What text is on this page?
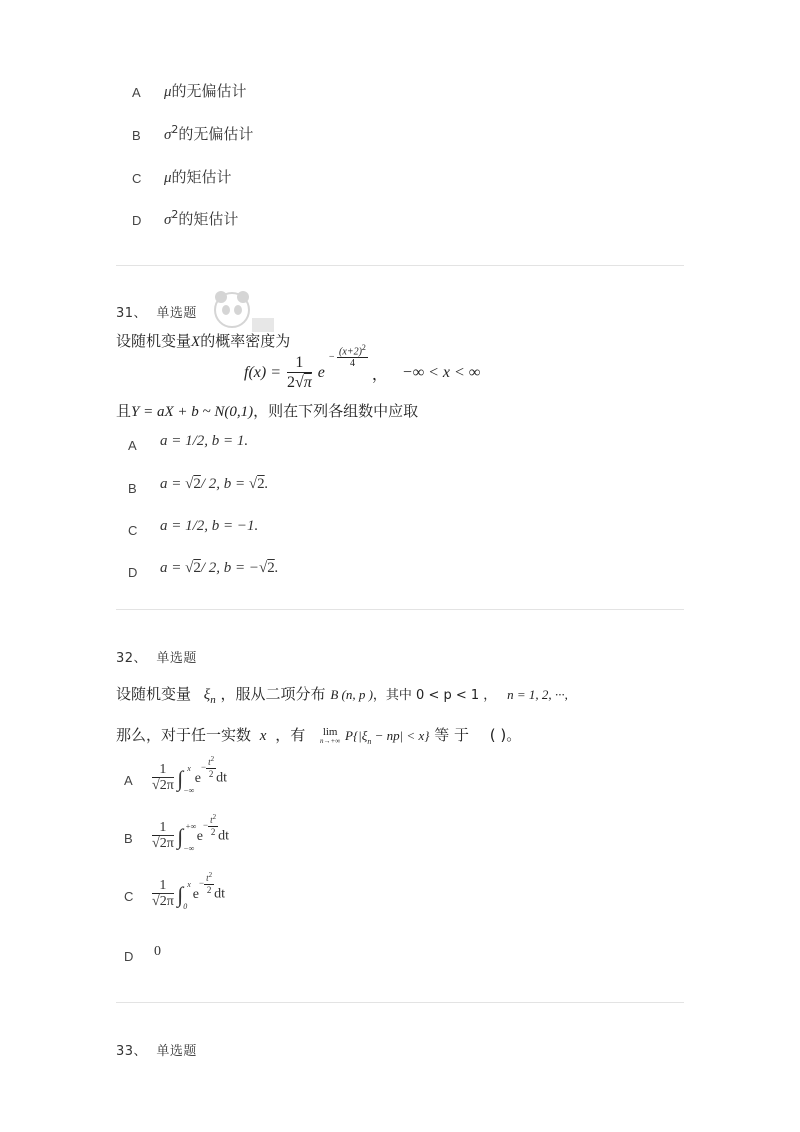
A μ的无偏估计
B $\sigma^2$的无偏估计
C μ的矩估计
D $\sigma^2$的矩估计
31、 单选题
设随机变量X的概率密度为
$f(x) = \frac{1}{2√\pi}$ $e - \frac{(x+2)^2}{4}$
， −∞ < x < ∞
且Y = aX + b ~ N(0,1)，则在下列各组数中应取
A a = 1/2, b = 1.
B a = √2/ 2, b = √2.
C a = 1/2, b = −1.
D a = √2/ 2, b = −√2.
32、 单选题
设随机变量 $\xi_n$ ，服从二项分布 B (n, p )，其中 0 < p < 1 ， n = 1, 2, ···,
那么，对于任一实数 x ，有 lim
n→+∞ $P\{|\xi_n - np| < x\}$ 等 于 ( )。
A $\frac{1}{√2\pi}$ ∫ x
−∞
$e- \frac{t^2}{2}$ dt
B $\frac{1}{√2\pi}$ ∫ +∞
−∞
$e- \frac{t^2}{2}$ dt
C $\frac{1}{√2\pi}$ ∫ x
0
$e- \frac{t^2}{2}$ dt
D 0
33、 单选题
